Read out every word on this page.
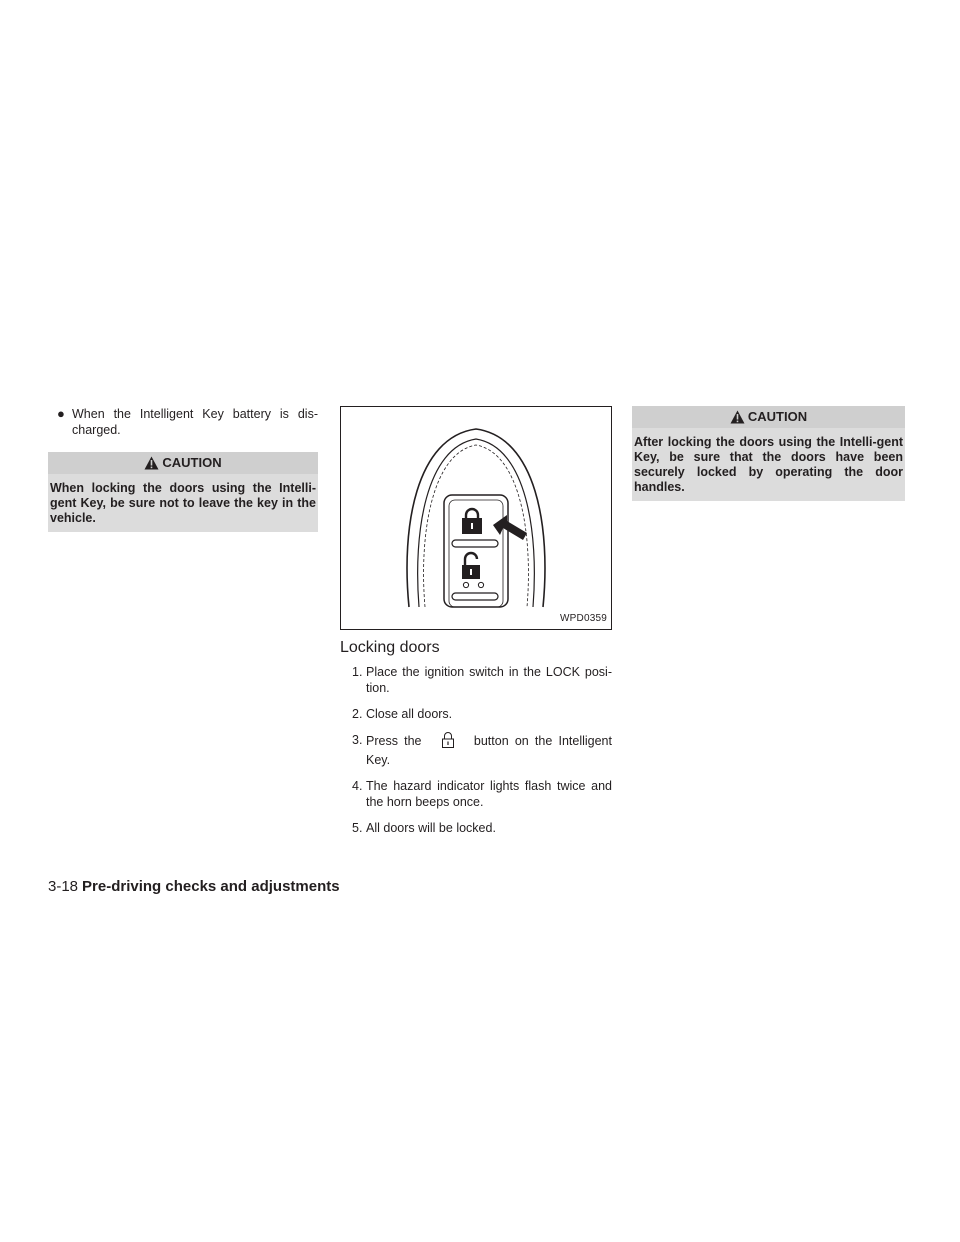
● When the Intelligent Key battery is dis-charged.
CAUTION
When locking the doors using the Intelli-gent Key, be sure not to leave the key in the vehicle.
WPD0359
Locking doors
1. Place the ignition switch in the LOCK posi-tion.
2. Close all doors.
3. Press the	button on the Intelligent Key.
4. The hazard indicator lights flash twice and the horn beeps once.
5. All doors will be locked.
CAUTION
After locking the doors using the Intelli-gent Key, be sure that the doors have been securely locked by operating the door handles.
3-18 Pre-driving checks and adjustments
